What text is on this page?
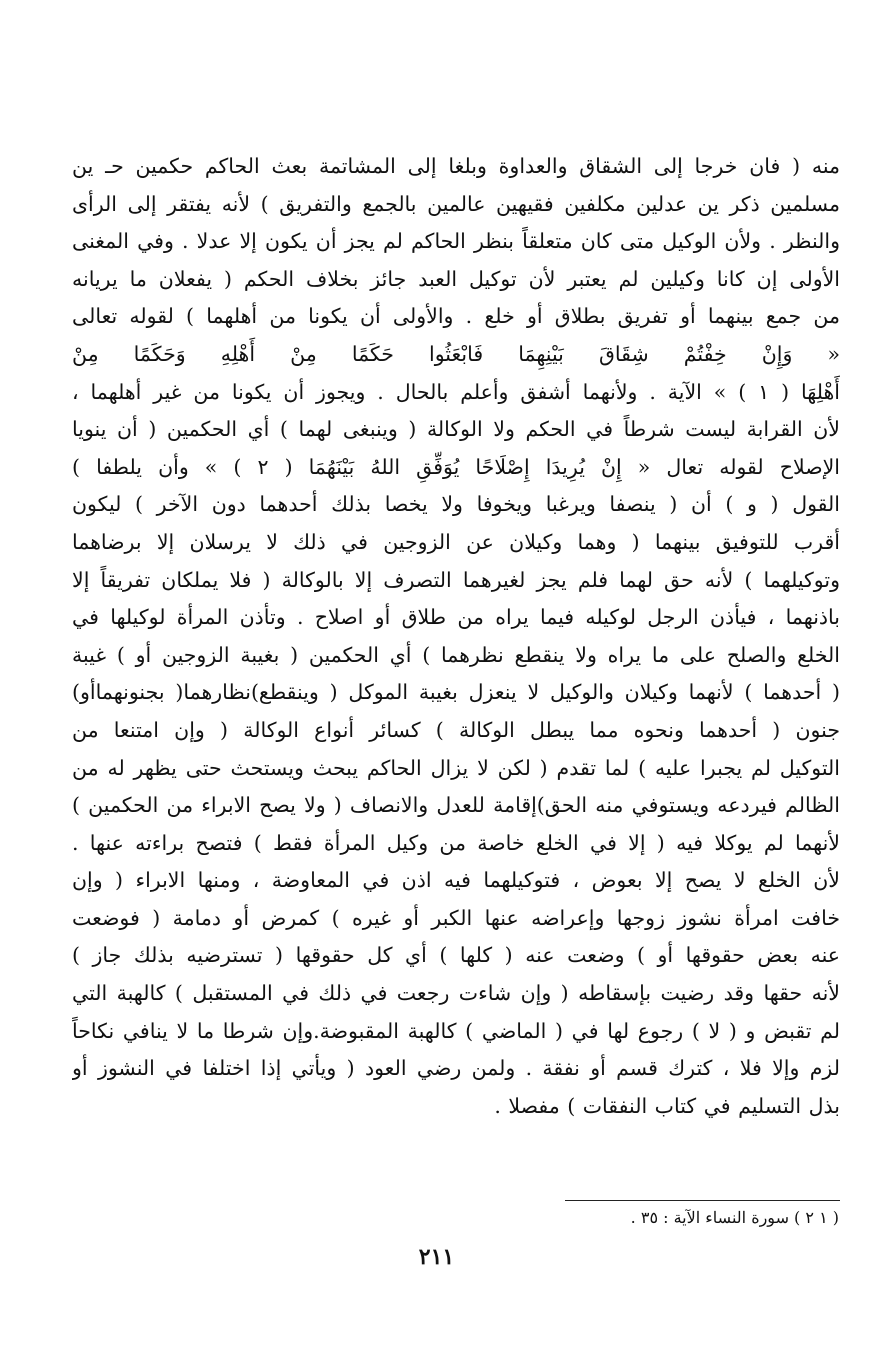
منه ( فان خرجا إلى الشقاق والعداوة وبلغا إلى المشاتمة بعث الحاكم حكمين حـ ين
مسلمين ذكر ين عدلين مكلفين فقيهين عالمين بالجمع والتفريق ) لأنه يفتقر إلى الرأى
والنظر . ولأن الوكيل متى كان متعلقاً بنظر الحاكم لم يجز أن يكون إلا عدلا . وفي المغنى
الأولى إن كانا وكيلين لم يعتبر لأن توكيل العبد جائز بخلاف الحكم ( يفعلان ما يريانه
من جمع بينهما أو تفريق بطلاق أو خلع . والأولى أن يكونا من أهلهما ) لقوله تعالى
« وَإِنْ خِفْتُمْ شِقَاقَ بَيْنِهِمَا فَابْعَثُوا حَكَمًا مِنْ أَهْلِهِ وَحَكَمًا مِنْ
أَهْلِهَا ( ١ ) » الآية . ولأنهما أشفق وأعلم بالحال . ويجوز أن يكونا من غير أهلهما ،
لأن القرابة ليست شرطاً في الحكم ولا الوكالة ( وينبغى لهما ) أي الحكمين ( أن ينويا
الإصلاح لقوله تعال « إِنْ يُرِيدَا إِصْلَاحًا يُوَفِّقِ اللهُ بَيْنَهُمَا ( ٢ ) » وأن يلطفا )
القول ( و ) أن ( ينصفا ويرغبا ويخوفا ولا يخصا بذلك أحدهما دون الآخر ) ليكون
أقرب للتوفيق بينهما ( وهما وكيلان عن الزوجين في ذلك لا يرسلان إلا برضاهما
وتوكيلهما ) لأنه حق لهما فلم يجز لغيرهما التصرف إلا بالوكالة ( فلا يملكان تفريقاً إلا
باذنهما ، فيأذن الرجل لوكيله فيما يراه من طلاق أو اصلاح . وتأذن المرأة لوكيلها في
الخلع والصلح على ما يراه ولا ينقطع نظرهما ) أي الحكمين ( بغيبة الزوجين أو ) غيبة
( أحدهما ) لأنهما وكيلان والوكيل لا ينعزل بغيبة الموكل ( وينقطع)نظارهما( بجنونهماأو)
جنون ( أحدهما ونحوه مما يبطل الوكالة ) كسائر أنواع الوكالة ( وإن امتنعا من
التوكيل لم يجبرا عليه ) لما تقدم ( لكن لا يزال الحاكم يبحث ويستحث حتى يظهر له من
الظالم فيردعه ويستوفي منه الحق)إقامة للعدل والانصاف ( ولا يصح الابراء من الحكمين )
لأنهما لم يوكلا فيه ( إلا في الخلع خاصة من وكيل المرأة فقط ) فتصح براءته عنها .
لأن الخلع لا يصح إلا بعوض ، فتوكيلهما فيه اذن في المعاوضة ، ومنها الابراء ( وإن
خافت امرأة نشوز زوجها وإعراضه عنها الكبر أو غيره ) كمرض أو دمامة ( فوضعت
عنه بعض حقوقها أو ) وضعت عنه ( كلها ) أي كل حقوقها ( تسترضيه بذلك جاز )
لأنه حقها وقد رضيت بإسقاطه ( وإن شاءت رجعت في ذلك في المستقبل ) كالهبة التي
لم تقبض و ( لا ) رجوع لها في ( الماضي ) كالهبة المقبوضة.وإن شرطا ما لا ينافي نكاحاً
لزم وإلا فلا ، كترك قسم أو نفقة . ولمن رضي العود ( ويأتي إذا اختلفا في النشوز أو
بذل التسليم في كتاب النفقات ) مفصلا .
( ١ ٢ ) سورة النساء الآية : ٣٥ .
٢١١
